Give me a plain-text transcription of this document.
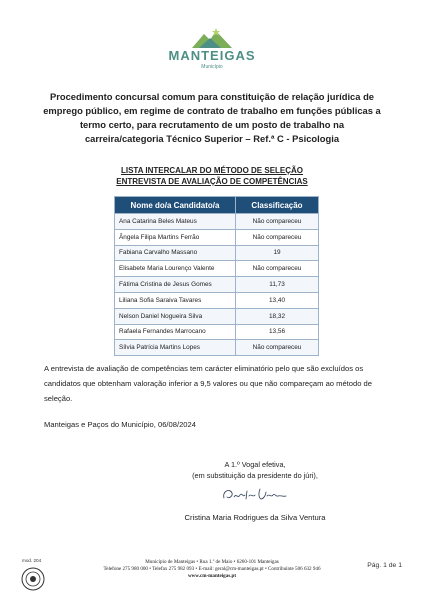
MANTEIGAS
Município
Procedimento concursal comum para constituição de relação jurídica de emprego público, em regime de contrato de trabalho em funções públicas a termo certo, para recrutamento de um posto de trabalho na carreira/categoria Técnico Superior – Ref.ª C - Psicologia
LISTA INTERCALAR DO MÉTODO DE SELEÇÃO
ENTREVISTA DE AVALIAÇÃO DE COMPETÊNCIAS
Nome do/a Candidato/a	Classificação
Ana Catarina Beles Mateus	Não compareceu
Ângela Filipa Martins Ferrão	Não compareceu
Fabiana Carvalho Massano	19
Elisabete Maria Lourenço Valente	Não compareceu
Fátima Cristina de Jesus Gomes	11,73
Liliana Sofia Saraiva Tavares	13,40
Nelson Daniel Nogueira Silva	18,32
Rafaela Fernandes Marrocano	13,56
Sílvia Patrícia Martins Lopes	Não compareceu
A entrevista de avaliação de competências tem carácter eliminatório pelo que são excluídos os candidatos que obtenham valoração inferior a 9,5 valores ou que não compareçam ao método de seleção.
Manteigas e Paços do Município, 06/08/2024
A 1.º Vogal efetiva,
(em substituição da presidente do júri),
Cristina Maria Rodrigues da Silva Ventura
mod. 204	Município de Manteigas • Rua 1.º de Maio • 6260-101 Manteigas
Telefone 275 980 000 • Telefax 275 982 093 • E-mail: geral@cm-manteigas.pt • Contribuinte 506 632 946
www.cm-manteigas.pt
Pág. 1 de 1
